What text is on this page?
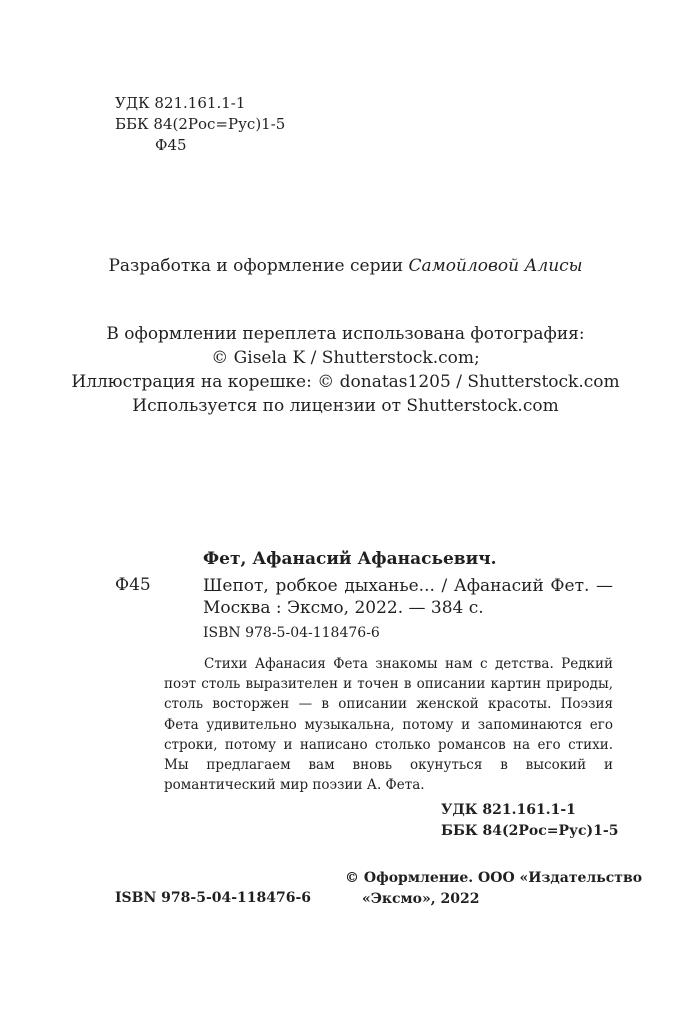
УДК 821.161.1-1
ББК 84(2Рос=Рус)1-5
Ф45
Разработка и оформление серии Самойловой Алисы
В оформлении переплета использована фотография:
© Gisela K / Shutterstock.com;
Иллюстрация на корешке: © donatas1205 / Shutterstock.com
Используется по лицензии от Shutterstock.com
Фет, Афанасий Афанасьевич.
Ф45	Шепот, робкое дыханье... / Афанасий Фет. — Москва : Эксмо, 2022. — 384 с.
ISBN 978-5-04-118476-6

Стихи Афанасия Фета знакомы нам с детства. Редкий поэт столь выразителен и точен в описании картин природы, столь восторжен — в описании женской красоты. Поэзия Фета удивительно музыкальна, потому и запоминаются его строки, потому и написано столько романсов на его стихи. Мы предлагаем вам вновь окунуться в высокий и романтический мир поэзии А. Фета.

УДК 821.161.1-1
ББК 84(2Рос=Рус)1-5
© Оформление. ООО «Издательство
«Эксмо», 2022
ISBN 978-5-04-118476-6
